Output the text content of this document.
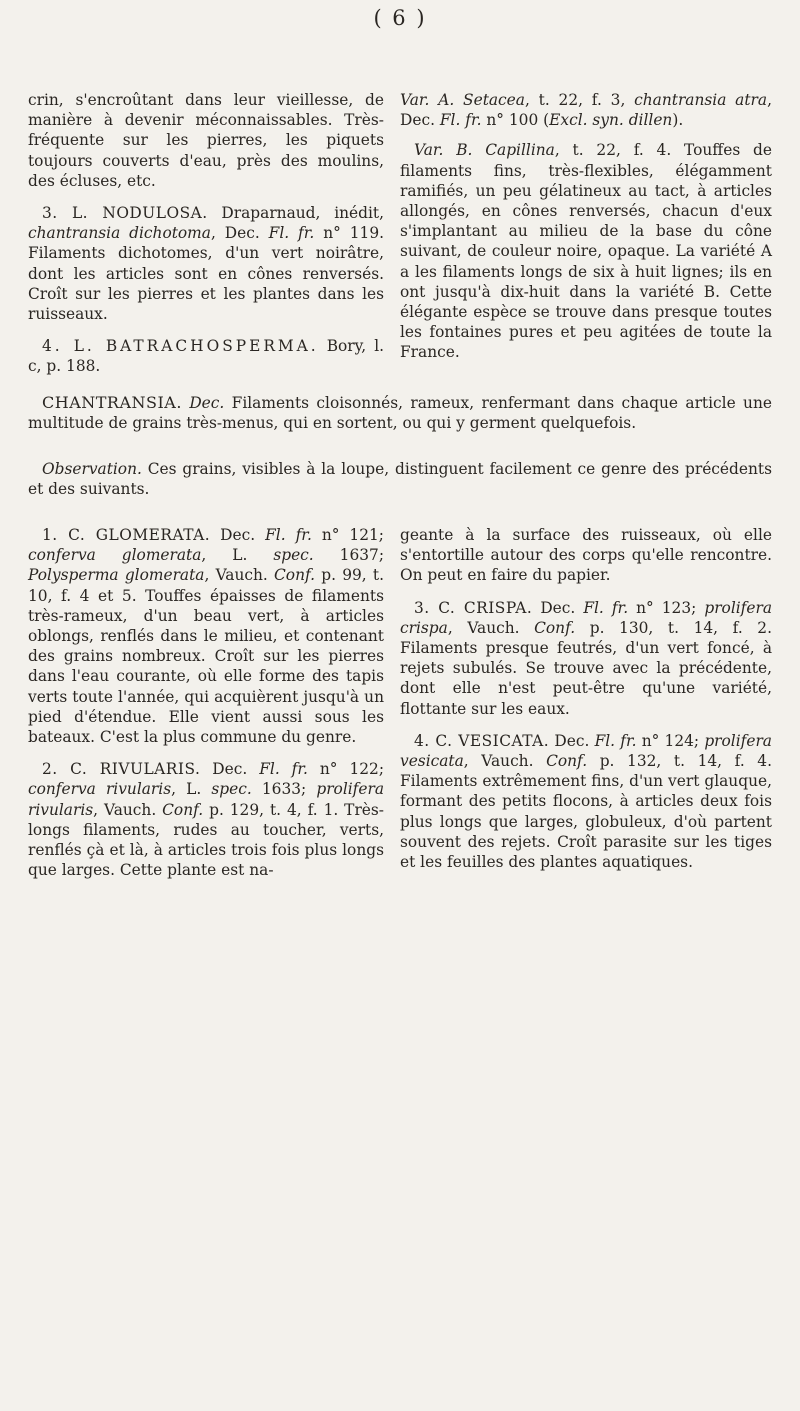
( 6 )

crin, s'encroûtant dans leur vieillesse, de manière à devenir méconnaissables. Très-fréquente sur les pierres, les piquets toujours couverts d'eau, près des moulins, des écluses, etc.

3. L. NODULOSA. Draparnaud, inédit, chantransia dichotoma, Dec. Fl. fr. n° 119. Filaments dichotomes, d'un vert noirâtre, dont les articles sont en cônes renversés. Croît sur les pierres et les plantes dans les ruisseaux.

4. L. BATRACHOSPERMA. Bory, l. c, p. 188.

Var. A. Setacea, t. 22, f. 3, chantransia atra, Dec. Fl. fr. n° 100 (Excl. syn. dillen).

Var. B. Capillina, t. 22, f. 4. Touffes de filaments fins, très-flexibles, élégamment ramifiés, un peu gélatineux au tact, à articles allongés, en cônes renversés, chacun d'eux s'implantant au milieu de la base du cône suivant, de couleur noire, opaque. La variété A a les filaments longs de six à huit lignes; ils en ont jusqu'à dix-huit dans la variété B. Cette élégante espèce se trouve dans presque toutes les fontaines pures et peu agitées de toute la France.

CHANTRANSIA. Dec. Filaments cloisonnés, rameux, renfermant dans chaque article une multitude de grains très-menus, qui en sortent, ou qui y germent quelquefois.

Observation. Ces grains, visibles à la loupe, distinguent facilement ce genre des précédents et des suivants.

1. C. GLOMERATA. Dec. Fl. fr. n° 121; conferva glomerata, L. spec. 1637; Polysperma glomerata, Vauch. Conf. p. 99, t. 10, f. 4 et 5. Touffes épaisses de filaments très-rameux, d'un beau vert, à articles oblongs, renflés dans le milieu, et contenant des grains nombreux. Croît sur les pierres dans l'eau courante, où elle forme des tapis verts toute l'année, qui acquièrent jusqu'à un pied d'étendue. Elle vient aussi sous les bateaux. C'est la plus commune du genre.

2. C. RIVULARIS. Dec. Fl. fr. n° 122; conferva rivularis, L. spec. 1633; prolifera rivularis, Vauch. Conf. p. 129, t. 4, f. 1. Très-longs filaments, rudes au toucher, verts, renflés çà et là, à articles trois fois plus longs que larges. Cette plante est na-

geante à la surface des ruisseaux, où elle s'entortille autour des corps qu'elle rencontre. On peut en faire du papier.

3. C. CRISPA. Dec. Fl. fr. n° 123; prolifera crispa, Vauch. Conf. p. 130, t. 14, f. 2. Filaments presque feutrés, d'un vert foncé, à rejets subulés. Se trouve avec la précédente, dont elle n'est peut-être qu'une variété, flottante sur les eaux.

4. C. VESICATA. Dec. Fl. fr. n° 124; prolifera vesicata, Vauch. Conf. p. 132, t. 14, f. 4. Filaments extrêmement fins, d'un vert glauque, formant des petits flocons, à articles deux fois plus longs que larges, globuleux, d'où partent souvent des rejets. Croît parasite sur les tiges et les feuilles des plantes aquatiques.
